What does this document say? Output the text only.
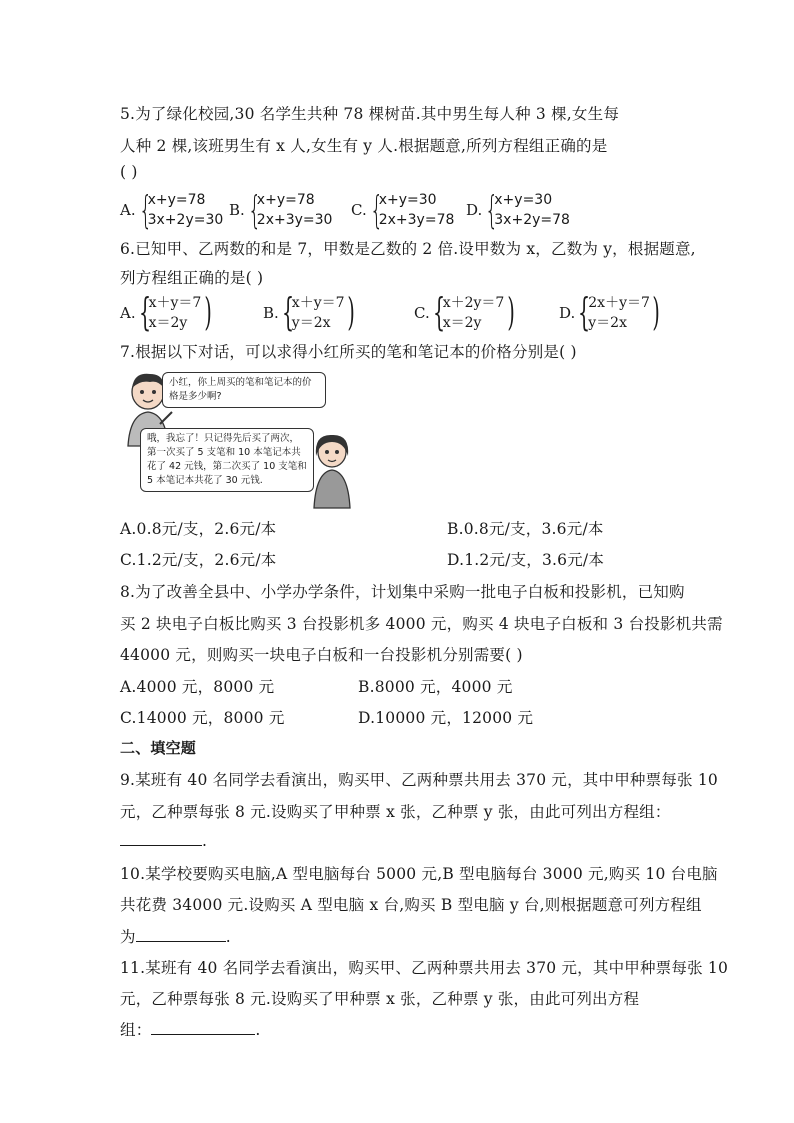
5.为了绿化校园,30 名学生共种 78 棵树苗.其中男生每人种 3 棵,女生每
人种 2 棵,该班男生有 x 人,女生有 y 人.根据题意,所列方程组正确的是
( )
A. {
x+y=78
3x+2y=30
B. {
x+y=78
2x+3y=30
C. {
x+y=30
2x+3y=78
D. {
x+y=30
3x+2y=78
6.已知甲、乙两数的和是 7，甲数是乙数的 2 倍.设甲数为 x，乙数为 y，根据题意,
列方程组正确的是( )
A. {
x＋y＝7
x＝2y )	B. {
x＋y＝7
y＝2x )	C. {
x＋2y＝7
x＝2y )	D. {
2x＋y＝7
y＝2x )
7.根据以下对话，可以求得小红所买的笔和笔记本的价格分别是( )
小红，你上周买的笔和笔记本的价格是多少啊?
哦，我忘了！只记得先后买了两次，第一次买了 5 支笔和 10 本笔记本共花了 42 元钱，第二次买了 10 支笔和 5 本笔记本共花了 30 元钱.
A.0.8元/支，2.6元/本	B.0.8元/支，3.6元/本
C.1.2元/支，2.6元/本	D.1.2元/支，3.6元/本
8.为了改善全县中、小学办学条件，计划集中采购一批电子白板和投影机，已知购
买 2 块电子白板比购买 3 台投影机多 4000 元，购买 4 块电子白板和 3 台投影机共需
44000 元，则购买一块电子白板和一台投影机分别需要( )
A.4000 元，8000 元	B.8000 元，4000 元
C.14000 元，8000 元	D.10000 元，12000 元
二、填空题
9.某班有 40 名同学去看演出，购买甲、乙两种票共用去 370 元，其中甲种票每张 10
元，乙种票每张 8 元.设购买了甲种票 x 张，乙种票 y 张，由此可列出方程组：
.
10.某学校要购买电脑,A 型电脑每台 5000 元,B 型电脑每台 3000 元,购买 10 台电脑
共花费 34000 元.设购买 A 型电脑 x 台,购买 B 型电脑 y 台,则根据题意可列方程组
为	.
11.某班有 40 名同学去看演出，购买甲、乙两种票共用去 370 元，其中甲种票每张 10
元，乙种票每张 8 元.设购买了甲种票 x 张，乙种票 y 张，由此可列出方程
组：	.
